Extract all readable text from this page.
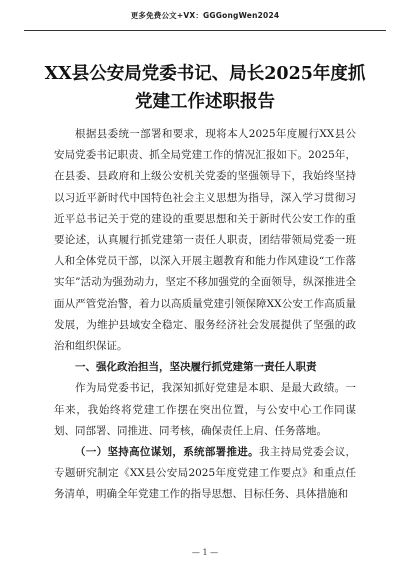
更多免费公文+VX：GGGongWen2024
XX县公安局党委书记、局长2025年度抓
党建工作述职报告

根据县委统一部署和要求，现将本人2025年度履行XX县公安局党委书记职责、抓全局党建工作的情况汇报如下。2025年，在县委、县政府和上级公安机关党委的坚强领导下，我始终坚持以习近平新时代中国特色社会主义思想为指导，深入学习贯彻习近平总书记关于党的建设的重要思想和关于新时代公安工作的重要论述，认真履行抓党建第一责任人职责，团结带领局党委一班人和全体党员干部，以深入开展主题教育和能力作风建设“工作落实年”活动为强劲动力，坚定不移加强党的全面领导，纵深推进全面从严管党治警，着力以高质量党建引领保障XX公安工作高质量发展，为维护县域安全稳定、服务经济社会发展提供了坚强的政治和组织保证。

一、强化政治担当，坚决履行抓党建第一责任人职责

作为局党委书记，我深知抓好党建是本职、是最大政绩。一年来，我始终将党建工作摆在突出位置，与公安中心工作同谋划、同部署、同推进、同考核，确保责任上肩、任务落地。

（一）坚持高位谋划，系统部署推进。我主持局党委会议，专题研究制定《XX县公安局2025年度党建工作要点》和重点任务清单，明确全年党建工作的指导思想、目标任务、具体措施和

— 1 —
